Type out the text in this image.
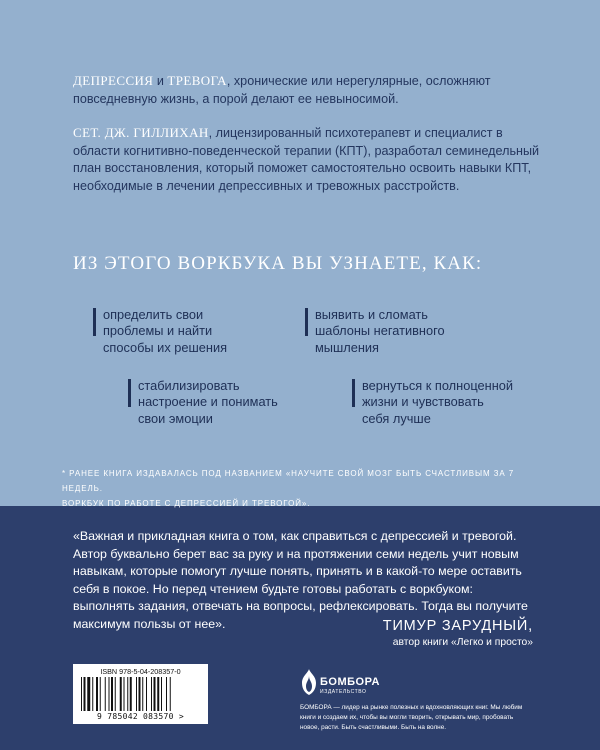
ДЕПРЕССИЯ и ТРЕВОГА, хронические или нерегулярные, осложняют повседневную жизнь, а порой делают ее невыносимой.
СЕТ. ДЖ. ГИЛЛИХАН, лицензированный психотерапевт и специалист в области когнитивно-поведенческой терапии (КПТ), разработал семинедельный план восстановления, который поможет самостоятельно освоить навыки КПТ, необходимые в лечении депрессивных и тревожных расстройств.
ИЗ ЭТОГО ВОРКБУКА ВЫ УЗНАЕТЕ, КАК:
определить свои
проблемы и найти
способы их решения
выявить и сломать
шаблоны негативного
мышления
стабилизировать
настроение и понимать
свои эмоции
вернуться к полноценной
жизни и чувствовать
себя лучше
* РАНЕЕ КНИГА ИЗДАВАЛАСЬ ПОД НАЗВАНИЕМ «НАУЧИТЕ СВОЙ МОЗГ БЫТЬ СЧАСТЛИВЫМ ЗА 7 НЕДЕЛЬ.
ВОРКБУК ПО РАБОТЕ С ДЕПРЕССИЕЙ И ТРЕВОГОЙ».
«Важная и прикладная книга о том, как справиться с депрессией и тревогой. Автор буквально берет вас за руку и на протяжении семи недель учит новым навыкам, которые помогут лучше понять, принять и в какой-то мере оставить себя в покое. Но перед чтением будьте готовы работать с воркбуком: выполнять задания, отвечать на вопросы, рефлексировать. Тогда вы получите максимум пользы от нее».	ТИМУР ЗАРУДНЫЙ,
автор книги «Легко и просто»
ISBN 978-5-04-208357-0
9 785042 083570 >
БОМБОРА
ИЗДАТЕЛЬСТВО
БОМБОРА — лидер на рынке полезных и вдохновляющих книг. Мы любим книги и создаем их, чтобы вы могли творить, открывать мир, пробовать новое, расти. Быть счастливыми. Быть на волне.
